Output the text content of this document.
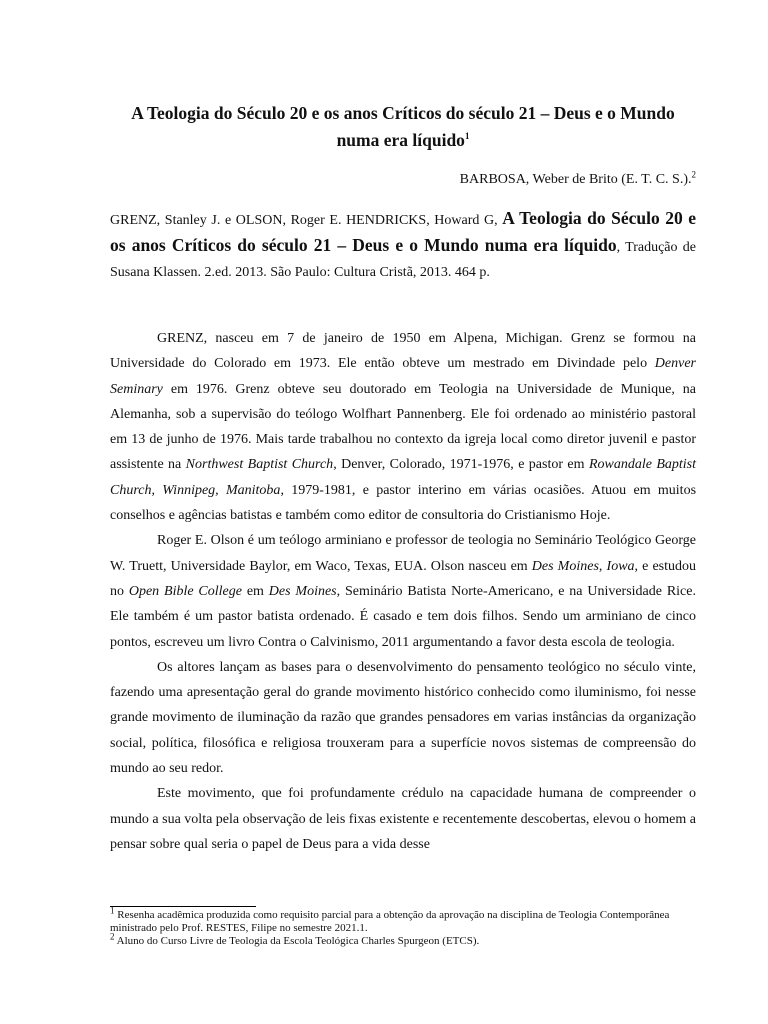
A Teologia do Século 20 e os anos Críticos do século 21 – Deus e o Mundo
numa era líquido$^1$
BARBOSA, Weber de Brito (E. T. C. S.).$^2$
GRENZ, Stanley J. e OLSON, Roger E. HENDRICKS, Howard G, A Teologia do Século 20 e os anos Críticos do século 21 – Deus e o Mundo numa era líquido, Tradução de Susana Klassen. 2.ed. 2013. São Paulo: Cultura Cristã, 2013. 464 p.

GRENZ, nasceu em 7 de janeiro de 1950 em Alpena, Michigan. Grenz se formou na Universidade do Colorado em 1973. Ele então obteve um mestrado em Divindade pelo Denver Seminary em 1976. Grenz obteve seu doutorado em Teologia na Universidade de Munique, na Alemanha, sob a supervisão do teólogo Wolfhart Pannenberg. Ele foi ordenado ao ministério pastoral em 13 de junho de 1976. Mais tarde trabalhou no contexto da igreja local como diretor juvenil e pastor assistente na Northwest Baptist Church, Denver, Colorado, 1971-1976, e pastor em Rowandale Baptist Church, Winnipeg, Manitoba, 1979-1981, e pastor interino em várias ocasiões. Atuou em muitos conselhos e agências batistas e também como editor de consultoria do Cristianismo Hoje.

Roger E. Olson é um teólogo arminiano e professor de teologia no Seminário Teológico George W. Truett, Universidade Baylor, em Waco, Texas, EUA. Olson nasceu em Des Moines, Iowa, e estudou no Open Bible College em Des Moines, Seminário Batista Norte-Americano, e na Universidade Rice. Ele também é um pastor batista ordenado. É casado e tem dois filhos. Sendo um arminiano de cinco pontos, escreveu um livro Contra o Calvinismo, 2011 argumentando a favor desta escola de teologia.

Os altores lançam as bases para o desenvolvimento do pensamento teológico no século vinte, fazendo uma apresentação geral do grande movimento histórico conhecido como iluminismo, foi nesse grande movimento de iluminação da razão que grandes pensadores em varias instâncias da organização social, política, filosófica e religiosa trouxeram para a superfície novos sistemas de compreensão do mundo ao seu redor.

Este movimento, que foi profundamente crédulo na capacidade humana de compreender o mundo a sua volta pela observação de leis fixas existente e recentemente descobertas, elevou o homem a pensar sobre qual seria o papel de Deus para a vida desse

$^1$ Resenha acadêmica produzida como requisito parcial para a obtenção da aprovação na disciplina de Teologia Contemporânea ministrado pelo Prof. RESTES, Filipe no semestre 2021.1.
$^2$ Aluno do Curso Livre de Teologia da Escola Teológica Charles Spurgeon (ETCS).
